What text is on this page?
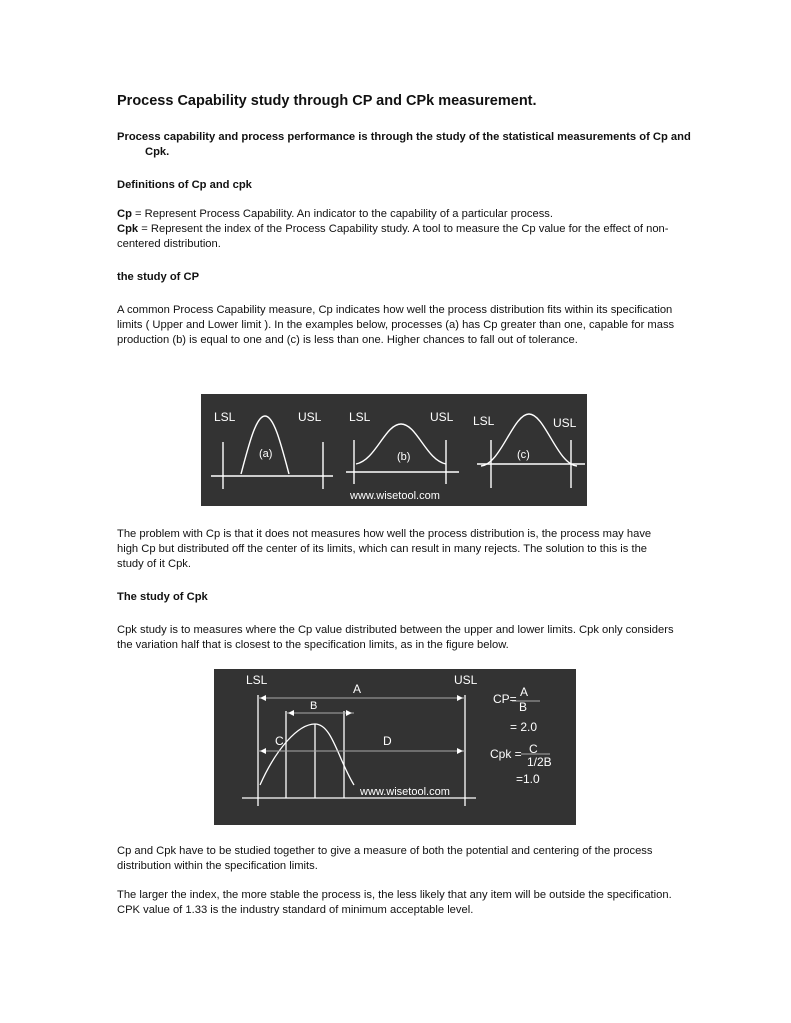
Process Capability study through CP and CPk measurement.

Process capability and process performance is through the study of the statistical measurements of Cp and Cpk.

Definitions of Cp and cpk

Cp = Represent Process Capability. An indicator to the capability of a particular process.

Cpk = Represent the index of the Process Capability study. A tool to measure the Cp value for the effect of non-centered distribution.

the study of CP

A common Process Capability measure, Cp indicates how well the process distribution fits within its specification limits ( Upper and Lower limit ). In the examples below, processes (a) has Cp greater than one, capable for mass production (b) is equal to one and (c) is less than one. Higher chances to fall out of tolerance.

LSL	USL
(a)
LSL	USL
(b)
LSL	USL
(c)
www.wisetool.com

The problem with Cp is that it does not measures how well the process distribution is, the process may have high Cp but distributed off the center of its limits, which can result in many rejects. The solution to this is the study of it Cpk.

The study of Cpk

Cpk study is to measures where the Cp value distributed between the upper and lower limits. Cpk only considers the variation half that is closest to the specification limits, as in the figure below.

LSL	USL
A
B
C	D
CP= A
B
= 2.0
Cpk = C
1/2B
=1.0
www.wisetool.com

Cp and Cpk have to be studied together to give a measure of both the potential and centering of the process distribution within the specification limits.

The larger the index, the more stable the process is, the less likely that any item will be outside the specification. CPK value of 1.33 is the industry standard of minimum acceptable level.
